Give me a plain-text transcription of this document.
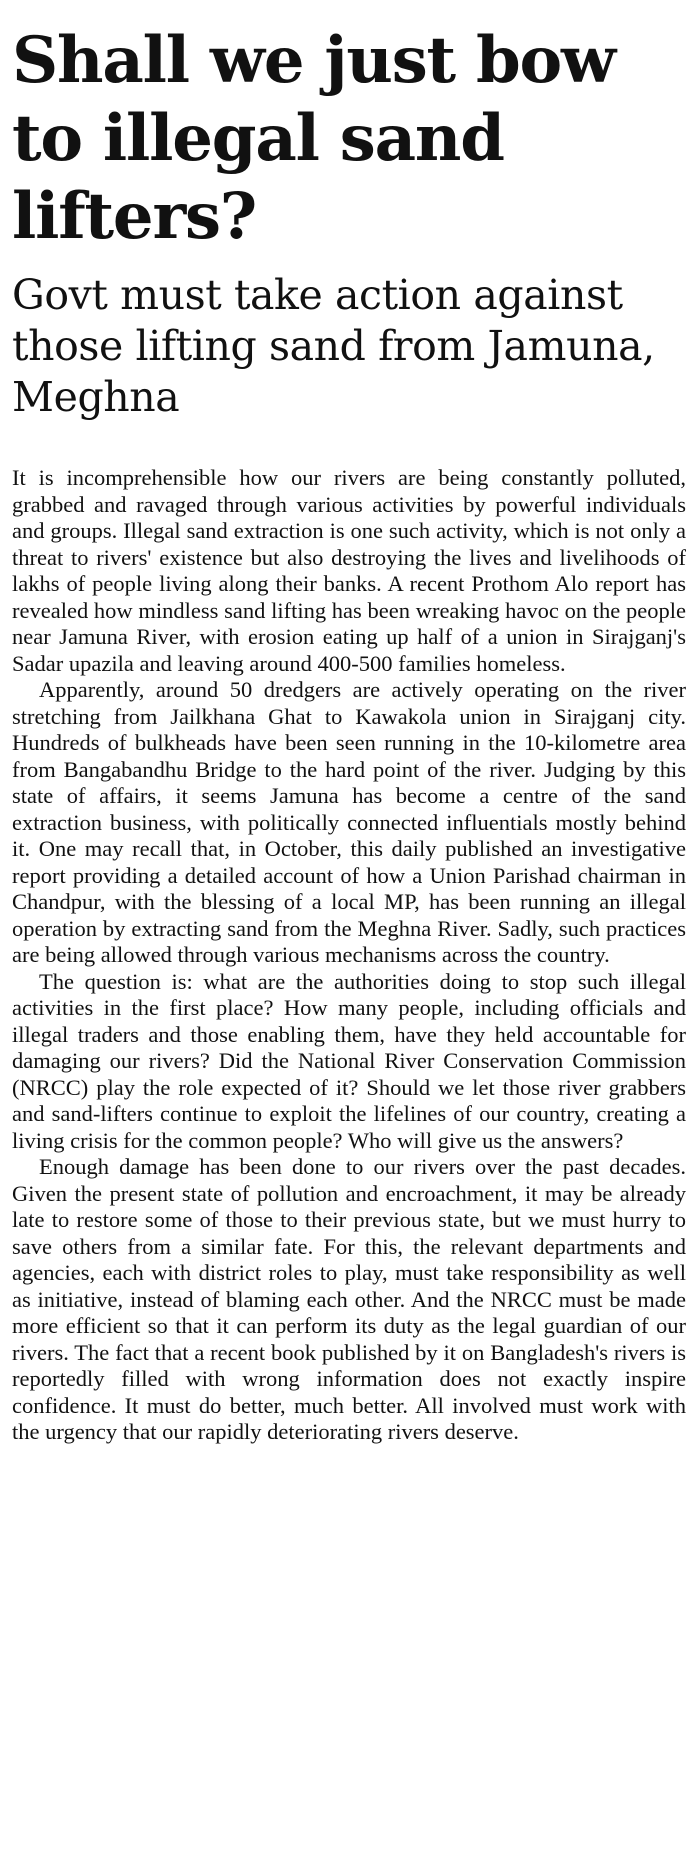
Shall we just bow to illegal sand lifters?
Govt must take action against those lifting sand from Jamuna, Meghna

It is incomprehensible how our rivers are being constantly polluted, grabbed and ravaged through various activities by powerful individuals and groups. Illegal sand extraction is one such activity, which is not only a threat to rivers' existence but also destroying the lives and livelihoods of lakhs of people living along their banks. A recent Prothom Alo report has revealed how mindless sand lifting has been wreaking havoc on the people near Jamuna River, with erosion eating up half of a union in Sirajganj's Sadar upazila and leaving around 400-500 families homeless.

Apparently, around 50 dredgers are actively operating on the river stretching from Jailkhana Ghat to Kawakola union in Sirajganj city. Hundreds of bulkheads have been seen running in the 10-kilometre area from Bangabandhu Bridge to the hard point of the river. Judging by this state of affairs, it seems Jamuna has become a centre of the sand extraction business, with politically connected influentials mostly behind it. One may recall that, in October, this daily published an investigative report providing a detailed account of how a Union Parishad chairman in Chandpur, with the blessing of a local MP, has been running an illegal operation by extracting sand from the Meghna River. Sadly, such practices are being allowed through various mechanisms across the country.

The question is: what are the authorities doing to stop such illegal activities in the first place? How many people, including officials and illegal traders and those enabling them, have they held accountable for damaging our rivers? Did the National River Conservation Commission (NRCC) play the role expected of it? Should we let those river grabbers and sand-lifters continue to exploit the lifelines of our country, creating a living crisis for the common people? Who will give us the answers?

Enough damage has been done to our rivers over the past decades. Given the present state of pollution and encroachment, it may be already late to restore some of those to their previous state, but we must hurry to save others from a similar fate. For this, the relevant departments and agencies, each with district roles to play, must take responsibility as well as initiative, instead of blaming each other. And the NRCC must be made more efficient so that it can perform its duty as the legal guardian of our rivers. The fact that a recent book published by it on Bangladesh's rivers is reportedly filled with wrong information does not exactly inspire confidence. It must do better, much better. All involved must work with the urgency that our rapidly deteriorating rivers deserve.
